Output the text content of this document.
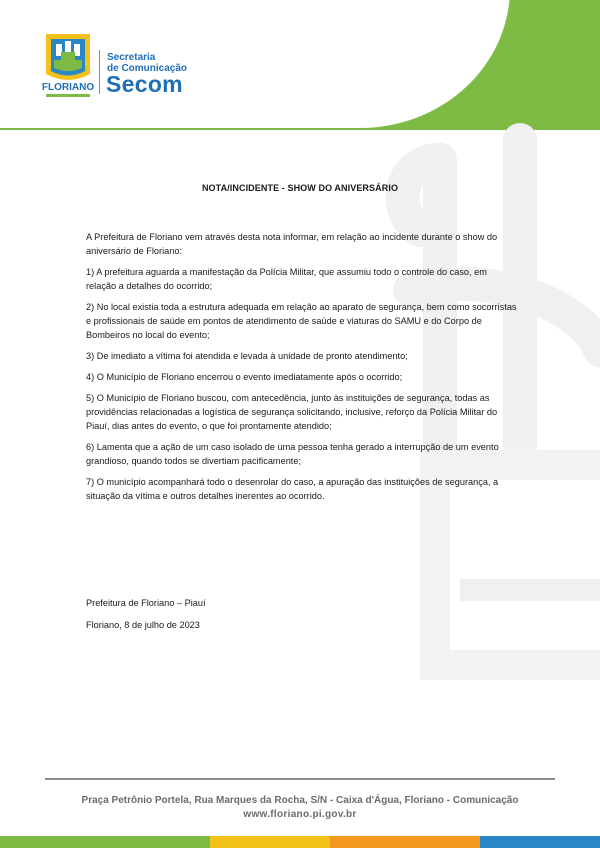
FLORIANO
Secretaria
de Comunicação
Secom
NOTA/INCIDENTE - SHOW DO ANIVERSÁRIO

A Prefeitura de Floriano vem através desta nota informar, em relação ao incidente durante o show do aniversário de Floriano:

1) A prefeitura aguarda a manifestação da Polícia Militar, que assumiu todo o controle do caso, em relação a detalhes do ocorrido;

2) No local existia toda a estrutura adequada em relação ao aparato de segurança, bem como socorristas e profissionais de saúde em pontos de atendimento de saúde e viaturas do SAMU e do Corpo de Bombeiros no local do evento;

3) De imediato a vítima foi atendida e levada à unidade de pronto atendimento;

4) O Município de Floriano encerrou o evento imediatamente após o ocorrido;

5) O Município de Floriano buscou, com antecedência, junto às instituições de segurança, todas as providências relacionadas a logística de segurança solicitando, inclusive, reforço da Polícia Militar do Piauí, dias antes do evento, o que foi prontamente atendido;

6) Lamenta que a ação de um caso isolado de uma pessoa tenha gerado a interrupção de um evento grandioso, quando todos se divertiam pacificamente;

7) O município acompanhará todo o desenrolar do caso, a apuração das instituições de segurança, a situação da vítima e outros detalhes inerentes ao ocorrido.

Prefeitura de Floriano – Piauí
Floriano, 8 de julho de 2023
Praça Petrônio Portela, Rua Marques da Rocha, S/N - Caixa d'Água, Floriano - Comunicação
www.floriano.pi.gov.br
